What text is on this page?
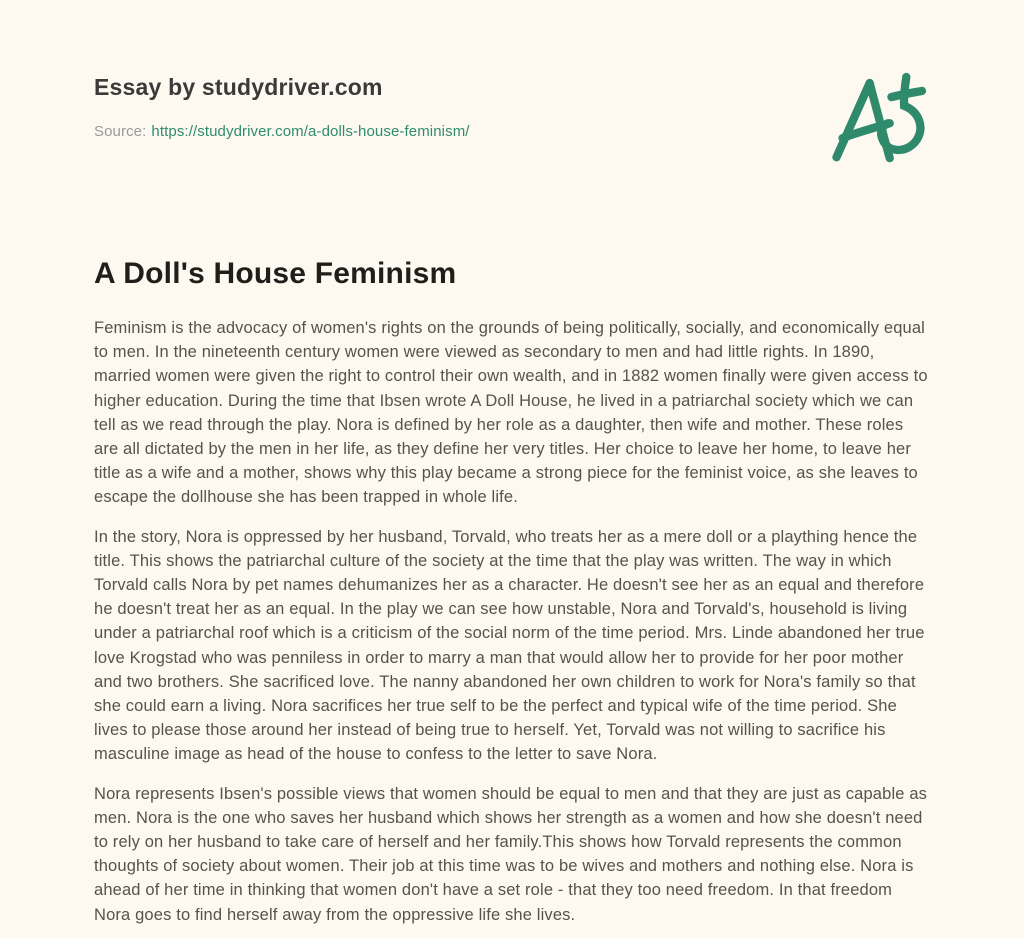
Essay by studydriver.com
Source: https://studydriver.com/a-dolls-house-feminism/
A Doll's House Feminism

Feminism is the advocacy of women's rights on the grounds of being politically, socially, and economically equal to men. In the nineteenth century women were viewed as secondary to men and had little rights. In 1890, married women were given the right to control their own wealth, and in 1882 women finally were given access to higher education. During the time that Ibsen wrote A Doll House, he lived in a patriarchal society which we can tell as we read through the play. Nora is defined by her role as a daughter, then wife and mother. These roles are all dictated by the men in her life, as they define her very titles. Her choice to leave her home, to leave her title as a wife and a mother, shows why this play became a strong piece for the feminist voice, as she leaves to escape the dollhouse she has been trapped in whole life.

In the story, Nora is oppressed by her husband, Torvald, who treats her as a mere doll or a plaything hence the title. This shows the patriarchal culture of the society at the time that the play was written. The way in which Torvald calls Nora by pet names dehumanizes her as a character. He doesn't see her as an equal and therefore he doesn't treat her as an equal. In the play we can see how unstable, Nora and Torvald's, household is living under a patriarchal roof which is a criticism of the social norm of the time period. Mrs. Linde abandoned her true love Krogstad who was penniless in order to marry a man that would allow her to provide for her poor mother and two brothers. She sacrificed love. The nanny abandoned her own children to work for Nora's family so that she could earn a living. Nora sacrifices her true self to be the perfect and typical wife of the time period. She lives to please those around her instead of being true to herself. Yet, Torvald was not willing to sacrifice his masculine image as head of the house to confess to the letter to save Nora.

Nora represents Ibsen's possible views that women should be equal to men and that they are just as capable as men. Nora is the one who saves her husband which shows her strength as a women and how she doesn't need to rely on her husband to take care of herself and her family.This shows how Torvald represents the common thoughts of society about women. Their job at this time was to be wives and mothers and nothing else. Nora is ahead of her time in thinking that women don't have a set role - that they too need freedom. In that freedom Nora goes to find herself away from the oppressive life she lives.
